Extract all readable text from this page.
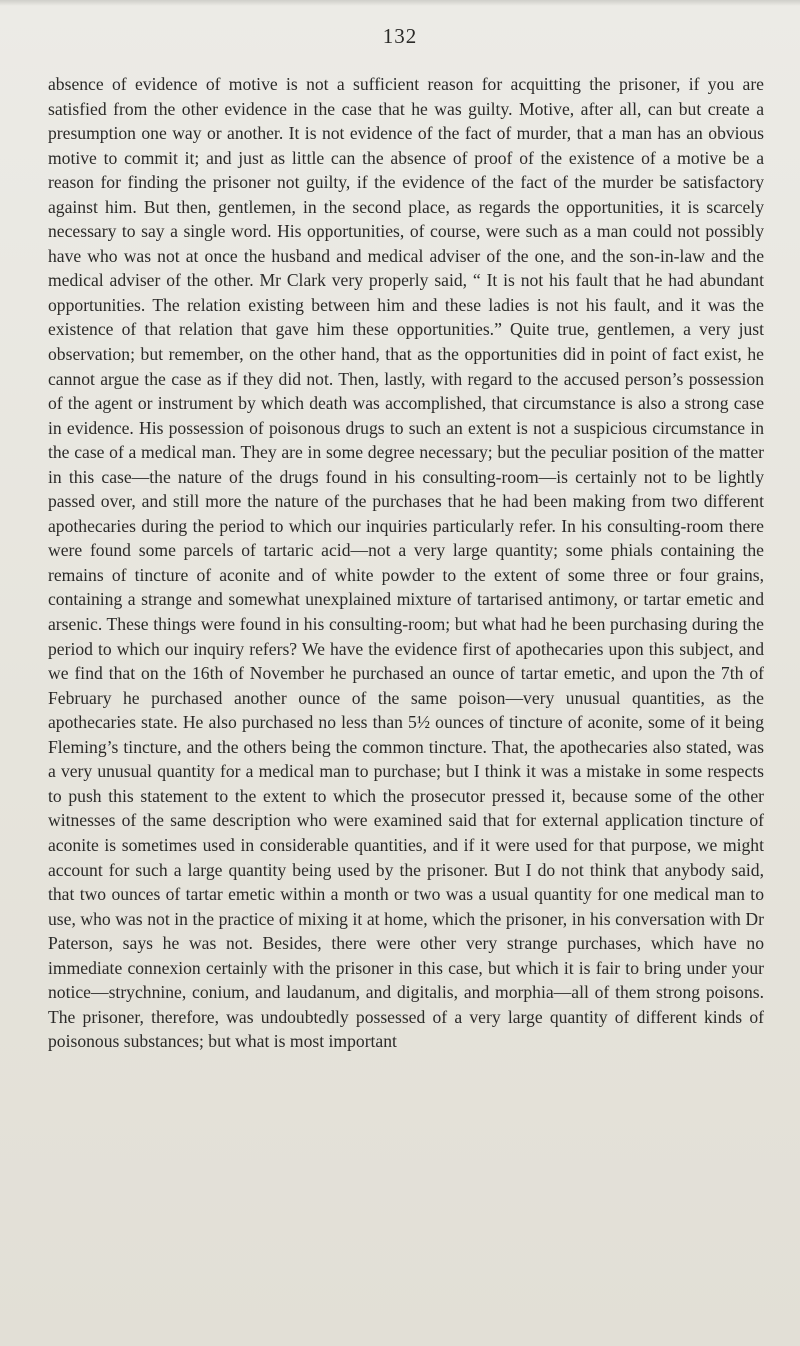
132

absence of evidence of motive is not a sufficient reason for acquitting the prisoner, if you are satisfied from the other evidence in the case that he was guilty. Motive, after all, can but create a presumption one way or another. It is not evidence of the fact of murder, that a man has an obvious motive to commit it; and just as little can the absence of proof of the existence of a motive be a reason for finding the prisoner not guilty, if the evidence of the fact of the murder be satisfactory against him. But then, gentlemen, in the second place, as regards the opportunities, it is scarcely necessary to say a single word. His opportunities, of course, were such as a man could not possibly have who was not at once the husband and medical adviser of the one, and the son-in-law and the medical adviser of the other. Mr Clark very properly said, “ It is not his fault that he had abundant opportunities. The relation existing between him and these ladies is not his fault, and it was the existence of that relation that gave him these opportunities.” Quite true, gentlemen, a very just observation; but remember, on the other hand, that as the opportunities did in point of fact exist, he cannot argue the case as if they did not. Then, lastly, with regard to the accused person’s possession of the agent or instrument by which death was accomplished, that circumstance is also a strong case in evidence. His possession of poisonous drugs to such an extent is not a suspicious circumstance in the case of a medical man. They are in some degree necessary; but the peculiar position of the matter in this case—the nature of the drugs found in his consulting-room—is certainly not to be lightly passed over, and still more the nature of the purchases that he had been making from two different apothecaries during the period to which our inquiries particularly refer. In his consulting-room there were found some parcels of tartaric acid—not a very large quantity; some phials containing the remains of tincture of aconite and of white powder to the extent of some three or four grains, containing a strange and somewhat unexplained mixture of tartarised antimony, or tartar emetic and arsenic. These things were found in his consulting-room; but what had he been purchasing during the period to which our inquiry refers? We have the evidence first of apothecaries upon this subject, and we find that on the 16th of November he purchased an ounce of tartar emetic, and upon the 7th of February he purchased another ounce of the same poison—very unusual quantities, as the apothecaries state. He also purchased no less than 5½ ounces of tincture of aconite, some of it being Fleming’s tincture, and the others being the common tincture. That, the apothecaries also stated, was a very unusual quantity for a medical man to purchase; but I think it was a mistake in some respects to push this statement to the extent to which the prosecutor pressed it, because some of the other witnesses of the same description who were examined said that for external application tincture of aconite is sometimes used in considerable quantities, and if it were used for that purpose, we might account for such a large quantity being used by the prisoner. But I do not think that anybody said, that two ounces of tartar emetic within a month or two was a usual quantity for one medical man to use, who was not in the practice of mixing it at home, which the prisoner, in his conversation with Dr Paterson, says he was not. Besides, there were other very strange purchases, which have no immediate connexion certainly with the prisoner in this case, but which it is fair to bring under your notice—strychnine, conium, and laudanum, and digitalis, and morphia—all of them strong poisons. The prisoner, therefore, was undoubtedly possessed of a very large quantity of different kinds of poisonous substances; but what is most important
